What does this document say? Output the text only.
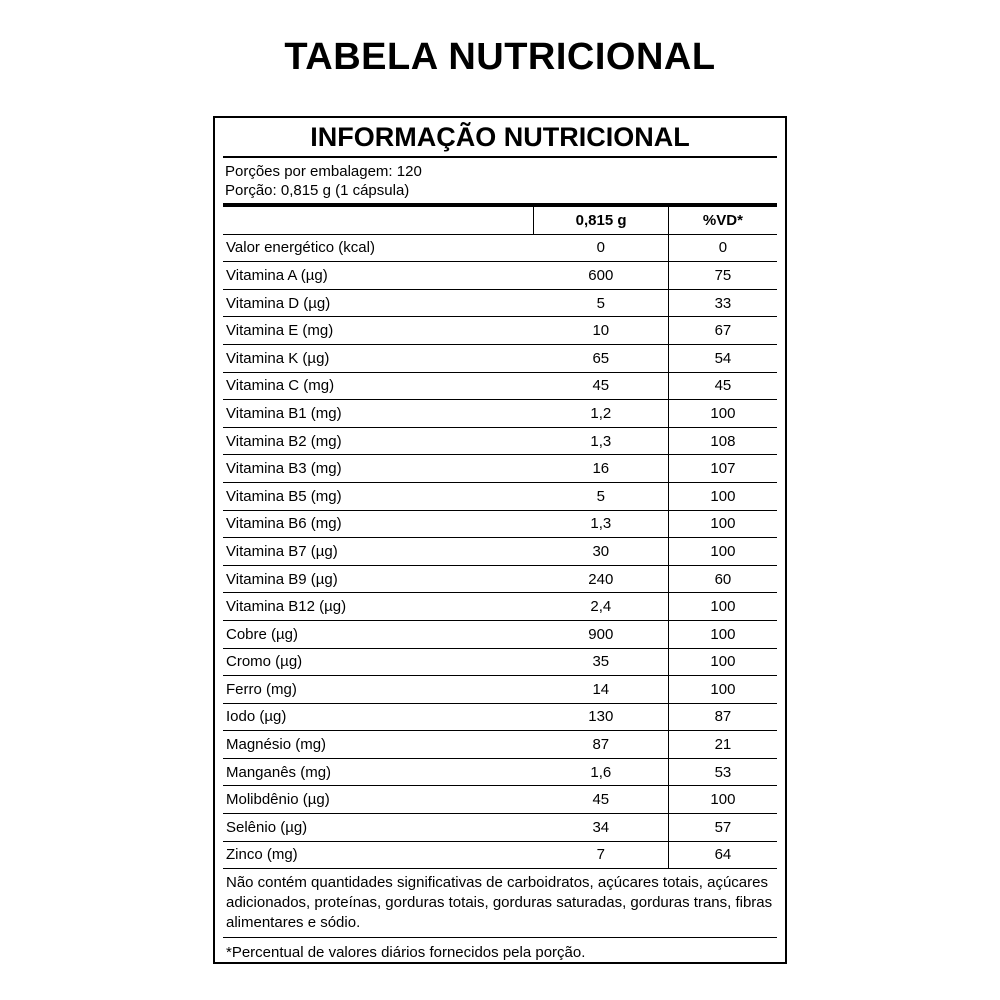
TABELA NUTRICIONAL
INFORMAÇÃO NUTRICIONAL
Porções por embalagem: 120
Porção: 0,815 g (1 cápsula)
	0,815 g	%VD*
Valor energético (kcal)	0	0
Vitamina A (µg)	600	75
Vitamina D (µg)	5	33
Vitamina E (mg)	10	67
Vitamina K (µg)	65	54
Vitamina C (mg)	45	45
Vitamina B1 (mg)	1,2	100
Vitamina B2 (mg)	1,3	108
Vitamina B3 (mg)	16	107
Vitamina B5 (mg)	5	100
Vitamina B6 (mg)	1,3	100
Vitamina B7 (µg)	30	100
Vitamina B9 (µg)	240	60
Vitamina B12 (µg)	2,4	100
Cobre (µg)	900	100
Cromo (µg)	35	100
Ferro (mg)	14	100
Iodo (µg)	130	87
Magnésio (mg)	87	21
Manganês (mg)	1,6	53
Molibdênio (µg)	45	100
Selênio (µg)	34	57
Zinco (mg)	7	64
Não contém quantidades significativas de carboidratos, açúcares totais, açúcares adicionados, proteínas, gorduras totais, gorduras saturadas, gorduras trans, fibras alimentares e sódio.
*Percentual de valores diários fornecidos pela porção.
